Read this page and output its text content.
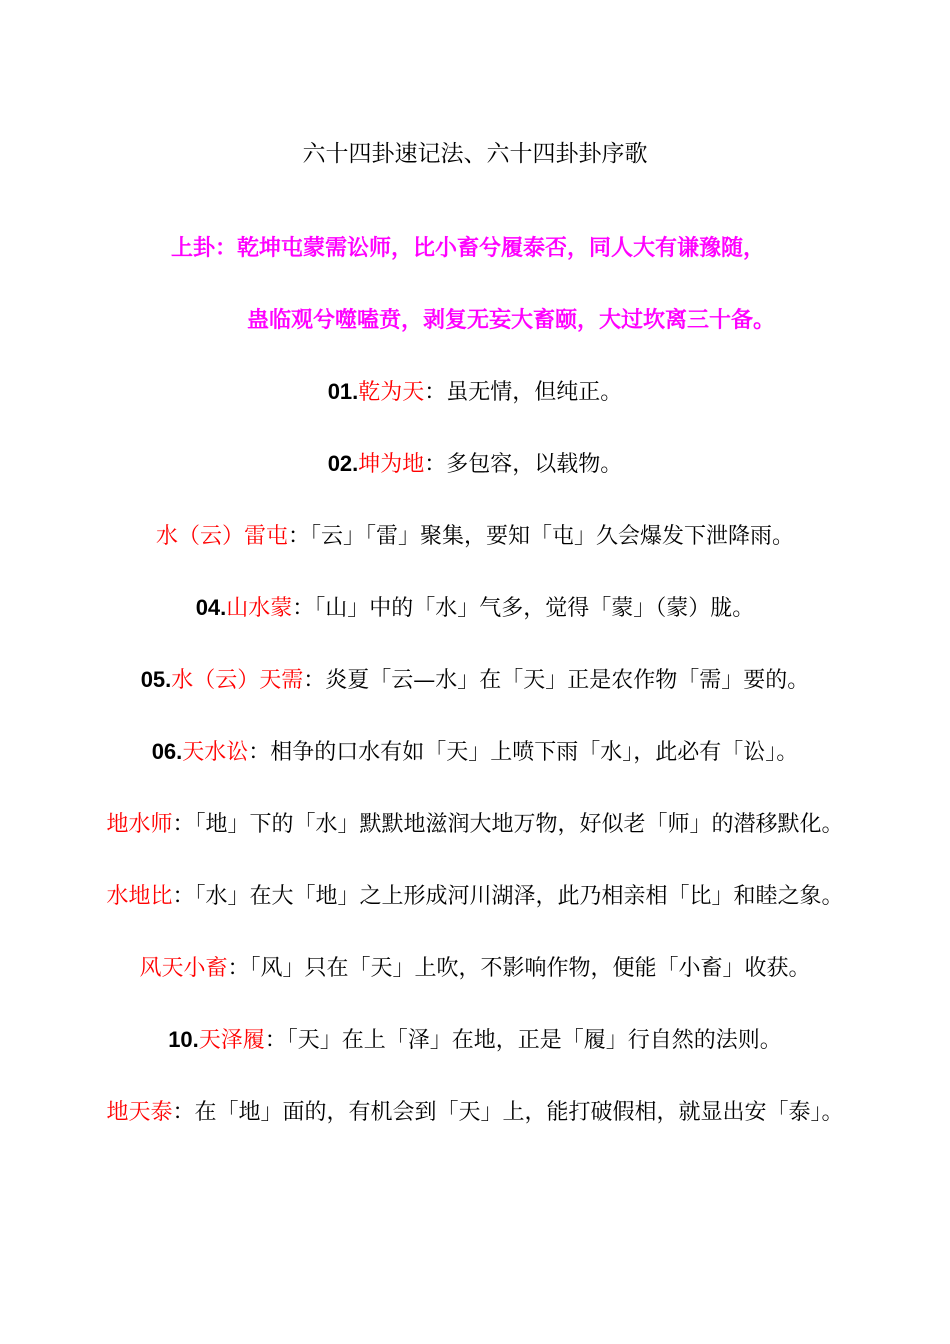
六十四卦速记法、六十四卦卦序歌
上卦：乾坤屯蒙需讼师，比小畜兮履泰否，同人大有谦豫随，
蛊临观兮噬嗑贲，剥复无妄大畜颐，大过坎离三十备。
01.乾为天：虽无情，但纯正。
02.坤为地：多包容，以载物。
水（云）雷屯：「云」「雷」聚集，要知「屯」久会爆发下泄降雨。
04.山水蒙：「山」中的「水」气多，觉得「蒙」（蒙）胧。
05.水（云）天需：炎夏「云—水」在「天」正是农作物「需」要的。
06.天水讼：相争的口水有如「天」上喷下雨「水」，此必有「讼」。
地水师：「地」下的「水」默默地滋润大地万物，好似老「师」的潜移默化。
水地比：「水」在大「地」之上形成河川湖泽，此乃相亲相「比」和睦之象。
风天小畜：「风」只在「天」上吹，不影响作物，便能「小畜」收获。
10.天泽履：「天」在上「泽」在地，正是「履」行自然的法则。
地天泰：在「地」面的，有机会到「天」上，能打破假相，就显出安「泰」。
